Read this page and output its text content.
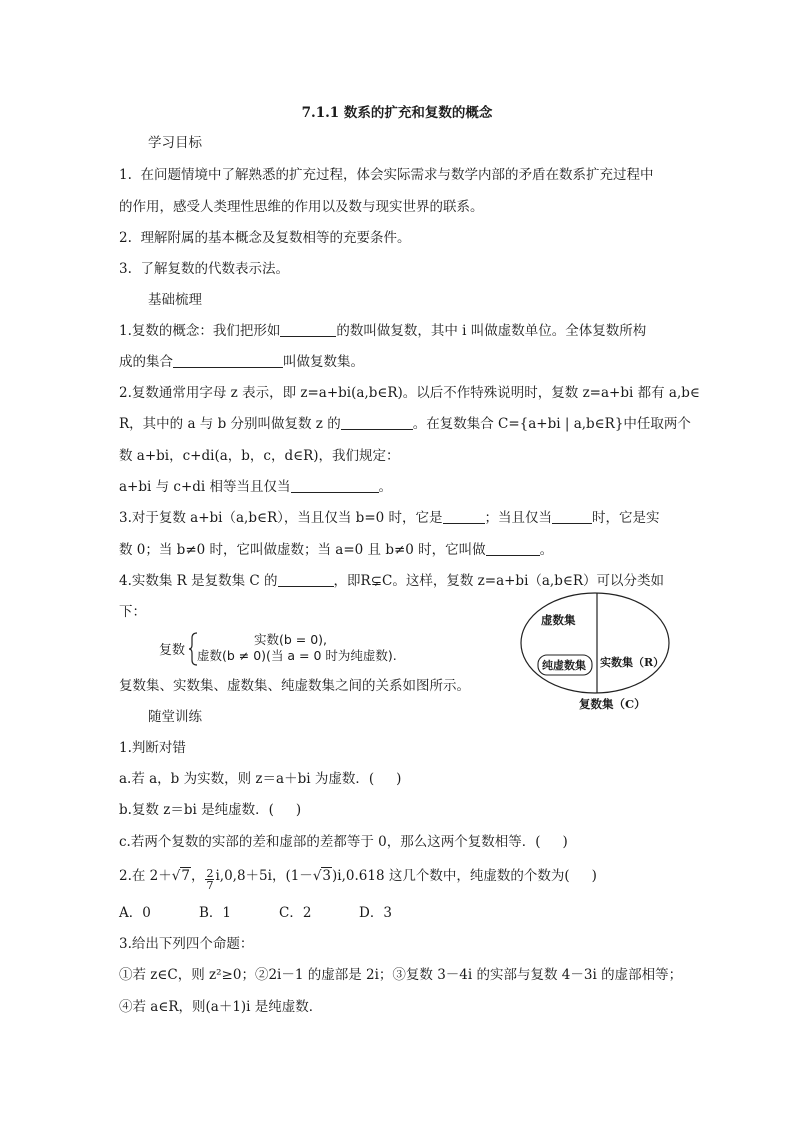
7.1.1 数系的扩充和复数的概念
学习目标
1. 在问题情境中了解熟悉的扩充过程，体会实际需求与数学内部的矛盾在数系扩充过程中
的作用，感受人类理性思维的作用以及数与现实世界的联系。
2. 理解附属的基本概念及复数相等的充要条件。
3. 了解复数的代数表示法。
基础梳理
1.复数的概念：我们把形如	的数叫做复数，其中 i 叫做虚数单位。全体复数所构
成的集合	叫做复数集。
2.复数通常用字母 z 表示，即 z=a+bi(a,b∈R)。以后不作特殊说明时，复数 z=a+bi 都有 a,b∈
R，其中的 a 与 b 分别叫做复数 z 的	。在复数集合 C={a+bi | a,b∈R}中任取两个
数 a+bi，c+di(a，b，c，d∈R)，我们规定：
a+bi 与 c+di 相等当且仅当	。
3.对于复数 a+bi（a,b∈R），当且仅当 b=0 时，它是	；当且仅当	时，它是实
数 0；当 b≠0 时，它叫做虚数；当 a=0 且 b≠0 时，它叫做	。
4.实数集 R 是复数集 C 的	，即R⊊C。这样，复数 z=a+bi（a,b∈R）可以分类如
下：
复数
实数(b = 0),
虚数(b ≠ 0)(当 a = 0 时为纯虚数).
复数集、实数集、虚数集、纯虚数集之间的关系如图所示。
虚数集
纯虚数集 实数集（R）
复数集（C）
随堂训练
1.判断对错
a.若 a，b 为实数，则 z＝a＋bi 为虚数．( )
b.复数 z＝bi 是纯虚数．( )
c.若两个复数的实部的差和虚部的差都等于 0，那么这两个复数相等．( )
2.在 2＋√7， $\frac{2}{7} i,0,8+5i$，(1－√3)i,0.618 这几个数中，纯虚数的个数为( )
A．0	B．1	C．2	D．3
3.给出下列四个命题：
①若 z∈C，则 z²≥0；②2i－1 的虚部是 2i；③复数 3－4i 的实部与复数 4－3i 的虚部相等；
④若 a∈R，则(a＋1)i 是纯虚数．
